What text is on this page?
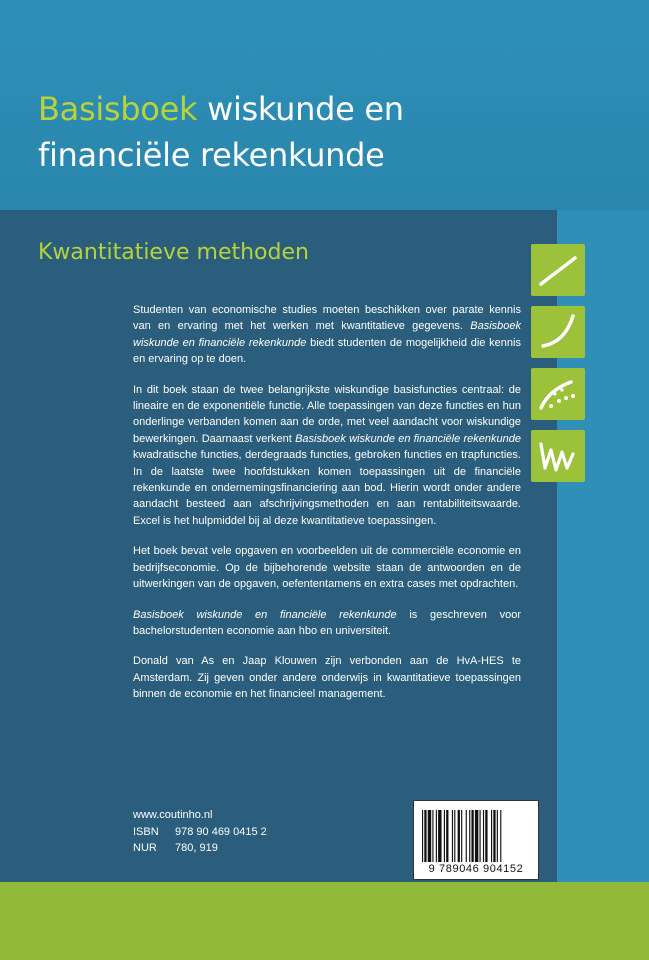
Basisboek wiskunde en
financiële rekenkunde
Kwantitatieve methoden

Studenten van economische studies moeten beschikken over parate kennis van en ervaring met het werken met kwantitatieve gegevens. Basisboek wiskunde en financiële rekenkunde biedt studenten de mogelijkheid die kennis en ervaring op te doen.

In dit boek staan de twee belangrijkste wiskundige basisfuncties centraal: de lineaire en de exponentiële functie. Alle toepassingen van deze functies en hun onderlinge verbanden komen aan de orde, met veel aandacht voor wiskundige bewerkingen. Daarnaast verkent Basisboek wiskunde en financiële rekenkunde kwadratische functies, derdegraads functies, gebroken functies en trapfuncties. In de laatste twee hoofdstukken komen toepassingen uit de financiële rekenkunde en ondernemingsfinanciering aan bod. Hierin wordt onder andere aandacht besteed aan afschrijvingsmethoden en aan rentabiliteitswaarde. Excel is het hulpmiddel bij al deze kwantitatieve toepassingen.

Het boek bevat vele opgaven en voorbeelden uit de commerciële economie en bedrijfseconomie. Op de bijbehorende website staan de antwoorden en de uitwerkingen van de opgaven, oefententamens en extra cases met opdrachten.

Basisboek wiskunde en financiële rekenkunde is geschreven voor bachelorstudenten economie aan hbo en universiteit.

Donald van As en Jaap Klouwen zijn verbonden aan de HvA-HES te Amsterdam. Zij geven onder andere onderwijs in kwantitatieve toepassingen binnen de economie en het financieel management.

www.coutinho.nl
ISBN	978 90 469 0415 2
NUR	780, 919
9 789046 904152
